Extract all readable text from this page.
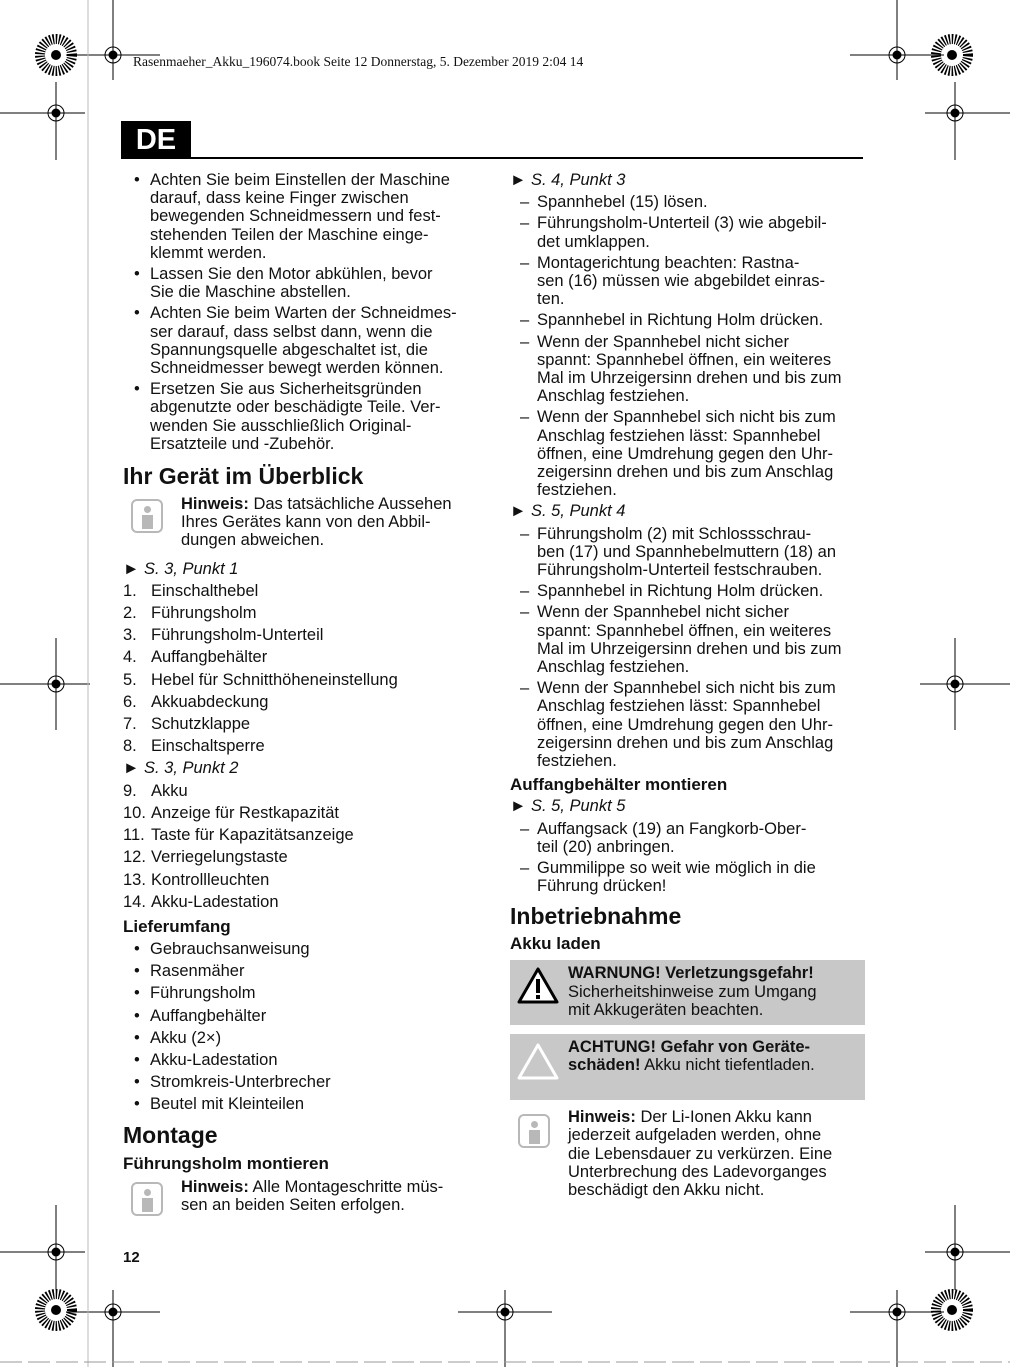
Rasenmaeher_Akku_196074.book Seite 12 Donnerstag, 5. Dezember 2019 2:04 14
DE
• Achten Sie beim Einstellen der Maschine
darauf, dass keine Finger zwischen
bewegenden Schneidmessern und fest-
stehenden Teilen der Maschine einge-
klemmt werden.
• Lassen Sie den Motor abkühlen, bevor
Sie die Maschine abstellen.
• Achten Sie beim Warten der Schneidmes-
ser darauf, dass selbst dann, wenn die
Spannungsquelle abgeschaltet ist, die
Schneidmesser bewegt werden können.
• Ersetzen Sie aus Sicherheitsgründen
abgenutzte oder beschädigte Teile. Ver-
wenden Sie ausschließlich Original-
Ersatzteile und -Zubehör.
Ihr Gerät im Überblick
Hinweis: Das tatsächliche Aussehen
Ihres Gerätes kann von den Abbil-
dungen abweichen.
► S. 3, Punkt 1
1. Einschalthebel
2. Führungsholm
3. Führungsholm-Unterteil
4. Auffangbehälter
5. Hebel für Schnitthöheneinstellung
6. Akkuabdeckung
7. Schutzklappe
8. Einschaltsperre
► S. 3, Punkt 2
9. Akku
10. Anzeige für Restkapazität
11. Taste für Kapazitätsanzeige
12. Verriegelungstaste
13. Kontrollleuchten
14. Akku-Ladestation
Lieferumfang
• Gebrauchsanweisung
• Rasenmäher
• Führungsholm
• Auffangbehälter
• Akku (2×)
• Akku-Ladestation
• Stromkreis-Unterbrecher
• Beutel mit Kleinteilen
Montage
Führungsholm montieren
Hinweis: Alle Montageschritte müs-
sen an beiden Seiten erfolgen.
► S. 4, Punkt 3
– Spannhebel (15) lösen.
– Führungsholm-Unterteil (3) wie abgebil-
det umklappen.
– Montagerichtung beachten: Rastna-
sen (16) müssen wie abgebildet einras-
ten.
– Spannhebel in Richtung Holm drücken.
– Wenn der Spannhebel nicht sicher
spannt: Spannhebel öffnen, ein weiteres
Mal im Uhrzeigersinn drehen und bis zum
Anschlag festziehen.
– Wenn der Spannhebel sich nicht bis zum
Anschlag festziehen lässt: Spannhebel
öffnen, eine Umdrehung gegen den Uhr-
zeigersinn drehen und bis zum Anschlag
festziehen.
► S. 5, Punkt 4
– Führungsholm (2) mit Schlossschrau-
ben (17) und Spannhebelmuttern (18) an
Führungsholm-Unterteil festschrauben.
– Spannhebel in Richtung Holm drücken.
– Wenn der Spannhebel nicht sicher
spannt: Spannhebel öffnen, ein weiteres
Mal im Uhrzeigersinn drehen und bis zum
Anschlag festziehen.
– Wenn der Spannhebel sich nicht bis zum
Anschlag festziehen lässt: Spannhebel
öffnen, eine Umdrehung gegen den Uhr-
zeigersinn drehen und bis zum Anschlag
festziehen.
Auffangbehälter montieren
► S. 5, Punkt 5
– Auffangsack (19) an Fangkorb-Ober-
teil (20) anbringen.
– Gummilippe so weit wie möglich in die
Führung drücken!
Inbetriebnahme
Akku laden
WARNUNG! Verletzungsgefahr!
Sicherheitshinweise zum Umgang
mit Akkugeräten beachten.
ACHTUNG! Gefahr von Geräte-
schäden! Akku nicht tiefentladen.
Hinweis: Der Li-Ionen Akku kann
jederzeit aufgeladen werden, ohne
die Lebensdauer zu verkürzen. Eine
Unterbrechung des Ladevorganges
beschädigt den Akku nicht.
12
